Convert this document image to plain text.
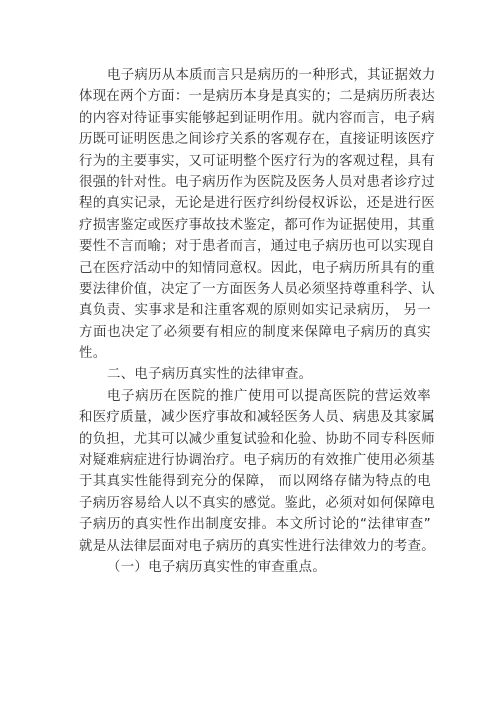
电子病历从本质而言只是病历的一种形式，其证据效力
体现在两个方面：一是病历本身是真实的；二是病历所表达
的内容对待证事实能够起到证明作用。就内容而言，电子病
历既可证明医患之间诊疗关系的客观存在，直接证明该医疗
行为的主要事实，又可证明整个医疗行为的客观过程，具有
很强的针对性。电子病历作为医院及医务人员对患者诊疗过
程的真实记录，无论是进行医疗纠纷侵权诉讼，还是进行医
疗损害鉴定或医疗事故技术鉴定，都可作为证据使用，其重
要性不言而喻；对于患者而言，通过电子病历也可以实现自
己在医疗活动中的知情同意权。因此，电子病历所具有的重
要法律价值，决定了一方面医务人员必须坚持尊重科学、认
真负责、实事求是和注重客观的原则如实记录病历， 另一
方面也决定了必须要有相应的制度来保障电子病历的真实
性。
二、电子病历真实性的法律审查。
电子病历在医院的推广使用可以提高医院的营运效率
和医疗质量，减少医疗事故和减轻医务人员、病患及其家属
的负担，尤其可以减少重复试验和化验、协助不同专科医师
对疑难病症进行协调治疗。电子病历的有效推广使用必须基
于其真实性能得到充分的保障， 而以网络存储为特点的电
子病历容易给人以不真实的感觉。鉴此，必须对如何保障电
子病历的真实性作出制度安排。本文所讨论的“法律审查”
就是从法律层面对电子病历的真实性进行法律效力的考查。
（一）电子病历真实性的审查重点。
